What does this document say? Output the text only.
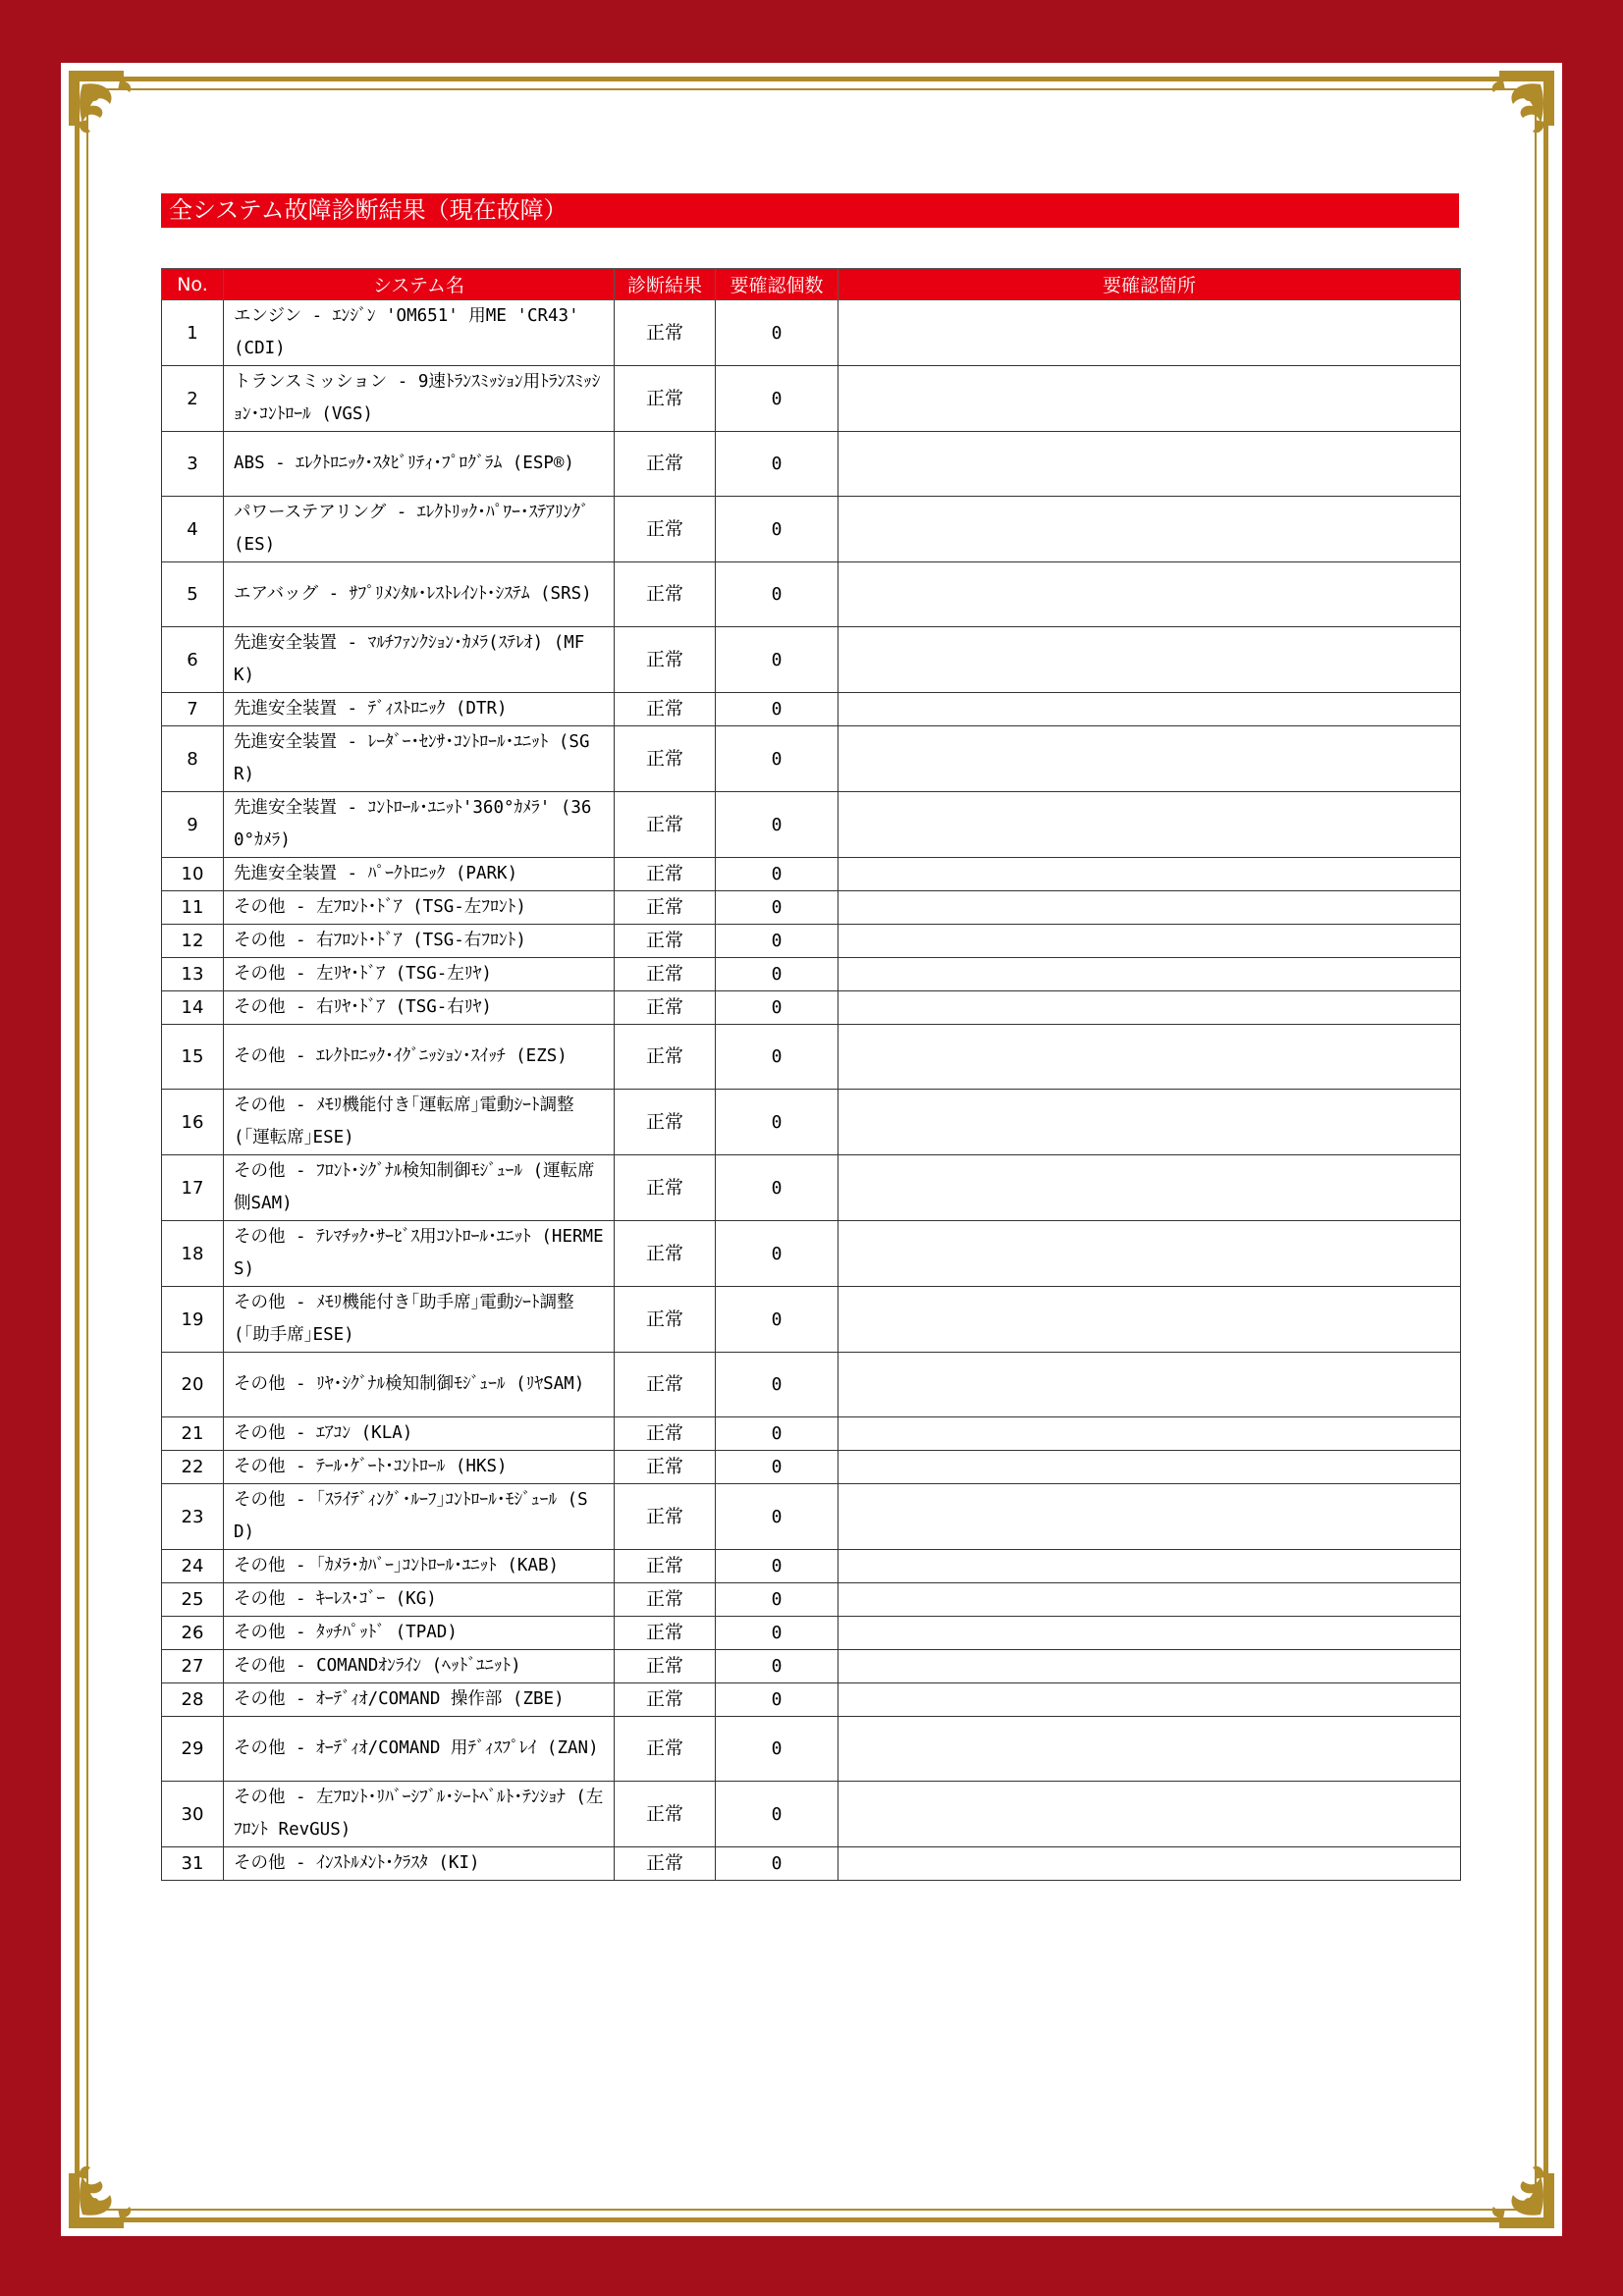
全システム故障診断結果（現在故障）
No.	システム名	診断結果	要確認個数	要確認箇所
1	エンジン - ｴﾝｼﾞﾝ 'OM651' 用ME 'CR43' (CDI)	正常	0	
2	トランスミッション - 9速ﾄﾗﾝｽﾐｯｼｮﾝ用ﾄﾗﾝｽﾐｯｼｮﾝ･ｺﾝﾄﾛｰﾙ (VGS)	正常	0	
3	ABS - ｴﾚｸﾄﾛﾆｯｸ･ｽﾀﾋﾞﾘﾃｨ･ﾌﾟﾛｸﾞﾗﾑ (ESP®)	正常	0	
4	パワーステアリング - ｴﾚｸﾄﾘｯｸ･ﾊﾟﾜｰ･ｽﾃｱﾘﾝｸﾞ (ES)	正常	0	
5	エアバッグ - ｻﾌﾟﾘﾒﾝﾀﾙ･ﾚｽﾄﾚｲﾝﾄ･ｼｽﾃﾑ (SRS)	正常	0	
6	先進安全装置 - ﾏﾙﾁﾌｧﾝｸｼｮﾝ･ｶﾒﾗ(ｽﾃﾚｵ) (MFK)	正常	0	
7	先進安全装置 - ﾃﾞｨｽﾄﾛﾆｯｸ (DTR)	正常	0	
8	先進安全装置 - ﾚｰﾀﾞｰ･ｾﾝｻ･ｺﾝﾄﾛｰﾙ･ﾕﾆｯﾄ (SGR)	正常	0	
9	先進安全装置 - ｺﾝﾄﾛｰﾙ･ﾕﾆｯﾄ'360°ｶﾒﾗ' (360°ｶﾒﾗ)	正常	0	
10	先進安全装置 - ﾊﾟｰｸﾄﾛﾆｯｸ (PARK)	正常	0	
11	その他 - 左ﾌﾛﾝﾄ･ﾄﾞｱ (TSG-左ﾌﾛﾝﾄ)	正常	0	
12	その他 - 右ﾌﾛﾝﾄ･ﾄﾞｱ (TSG-右ﾌﾛﾝﾄ)	正常	0	
13	その他 - 左ﾘﾔ･ﾄﾞｱ (TSG-左ﾘﾔ)	正常	0	
14	その他 - 右ﾘﾔ･ﾄﾞｱ (TSG-右ﾘﾔ)	正常	0	
15	その他 - ｴﾚｸﾄﾛﾆｯｸ･ｲｸﾞﾆｯｼｮﾝ･ｽｲｯﾁ (EZS)	正常	0	
16	その他 - ﾒﾓﾘ機能付き｢運転席｣電動ｼｰﾄ調整 (｢運転席｣ESE)	正常	0	
17	その他 - ﾌﾛﾝﾄ･ｼｸﾞﾅﾙ検知制御ﾓｼﾞｭｰﾙ (運転席側SAM)	正常	0	
18	その他 - ﾃﾚﾏﾁｯｸ･ｻｰﾋﾞｽ用ｺﾝﾄﾛｰﾙ･ﾕﾆｯﾄ (HERMES)	正常	0	
19	その他 - ﾒﾓﾘ機能付き｢助手席｣電動ｼｰﾄ調整 (｢助手席｣ESE)	正常	0	
20	その他 - ﾘﾔ･ｼｸﾞﾅﾙ検知制御ﾓｼﾞｭｰﾙ (ﾘﾔSAM)	正常	0	
21	その他 - ｴｱｺﾝ (KLA)	正常	0	
22	その他 - ﾃｰﾙ･ｹﾞｰﾄ･ｺﾝﾄﾛｰﾙ (HKS)	正常	0	
23	その他 - ｢ｽﾗｲﾃﾞｨﾝｸﾞ･ﾙｰﾌ｣ｺﾝﾄﾛｰﾙ･ﾓｼﾞｭｰﾙ (SD)	正常	0	
24	その他 - ｢ｶﾒﾗ･ｶﾊﾞｰ｣ｺﾝﾄﾛｰﾙ･ﾕﾆｯﾄ (KAB)	正常	0	
25	その他 - ｷｰﾚｽ･ｺﾞｰ (KG)	正常	0	
26	その他 - ﾀｯﾁﾊﾟｯﾄﾞ (TPAD)	正常	0	
27	その他 - COMANDｵﾝﾗｲﾝ (ﾍｯﾄﾞﾕﾆｯﾄ)	正常	0	
28	その他 - ｵｰﾃﾞｨｵ/COMAND 操作部 (ZBE)	正常	0	
29	その他 - ｵｰﾃﾞｨｵ/COMAND 用ﾃﾞｨｽﾌﾟﾚｲ (ZAN)	正常	0	
30	その他 - 左ﾌﾛﾝﾄ･ﾘﾊﾞｰｼﾌﾞﾙ･ｼｰﾄﾍﾞﾙﾄ･ﾃﾝｼｮﾅ (左ﾌﾛﾝﾄ RevGUS)	正常	0	
31	その他 - ｲﾝｽﾄﾙﾒﾝﾄ･ｸﾗｽﾀ (KI)	正常	0	
